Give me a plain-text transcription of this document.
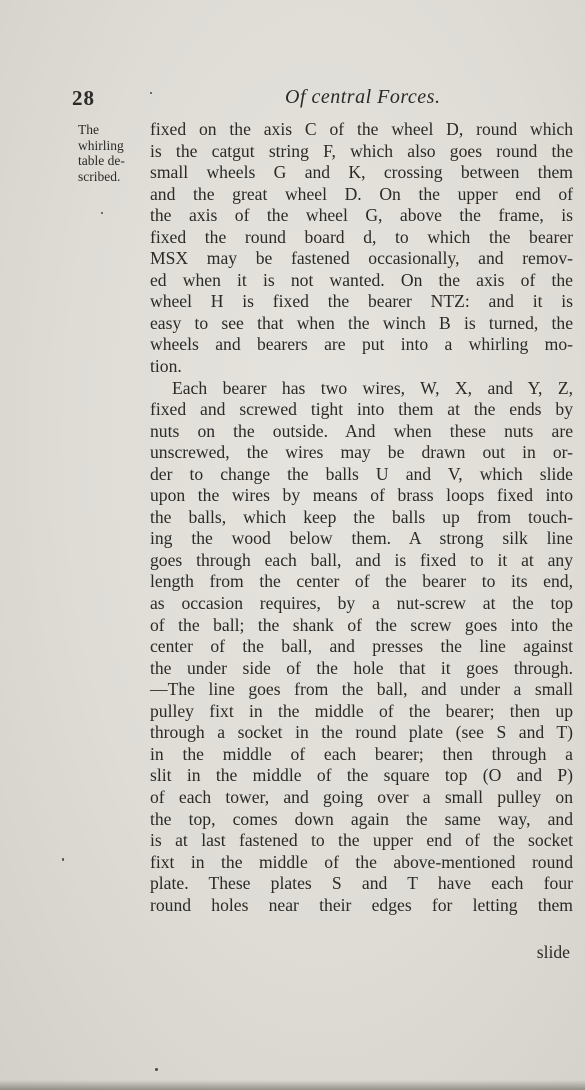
28	Of central Forces.
The
whirling
table de-
scribed.
fixed on the axis C of the wheel D, round which
is the catgut string F, which also goes round the
small wheels G and K, crossing between them
and the great wheel D. On the upper end of
the axis of the wheel G, above the frame, is
fixed the round board d, to which the bearer
MSX may be fastened occasionally, and remov-
ed when it is not wanted. On the axis of the
wheel H is fixed the bearer NTZ: and it is
easy to see that when the winch B is turned, the
wheels and bearers are put into a whirling mo-
tion.
Each bearer has two wires, W, X, and Y, Z,
fixed and screwed tight into them at the ends by
nuts on the outside. And when these nuts are
unscrewed, the wires may be drawn out in or-
der to change the balls U and V, which slide
upon the wires by means of brass loops fixed into
the balls, which keep the balls up from touch-
ing the wood below them. A strong silk line
goes through each ball, and is fixed to it at any
length from the center of the bearer to its end,
as occasion requires, by a nut-screw at the top
of the ball; the shank of the screw goes into the
center of the ball, and presses the line against
the under side of the hole that it goes through.
—The line goes from the ball, and under a small
pulley fixt in the middle of the bearer; then up
through a socket in the round plate (see S and T)
in the middle of each bearer; then through a
slit in the middle of the square top (O and P)
of each tower, and going over a small pulley on
the top, comes down again the same way, and
is at last fastened to the upper end of the socket
fixt in the middle of the above-mentioned round
plate. These plates S and T have each four
round holes near their edges for letting them
slide
